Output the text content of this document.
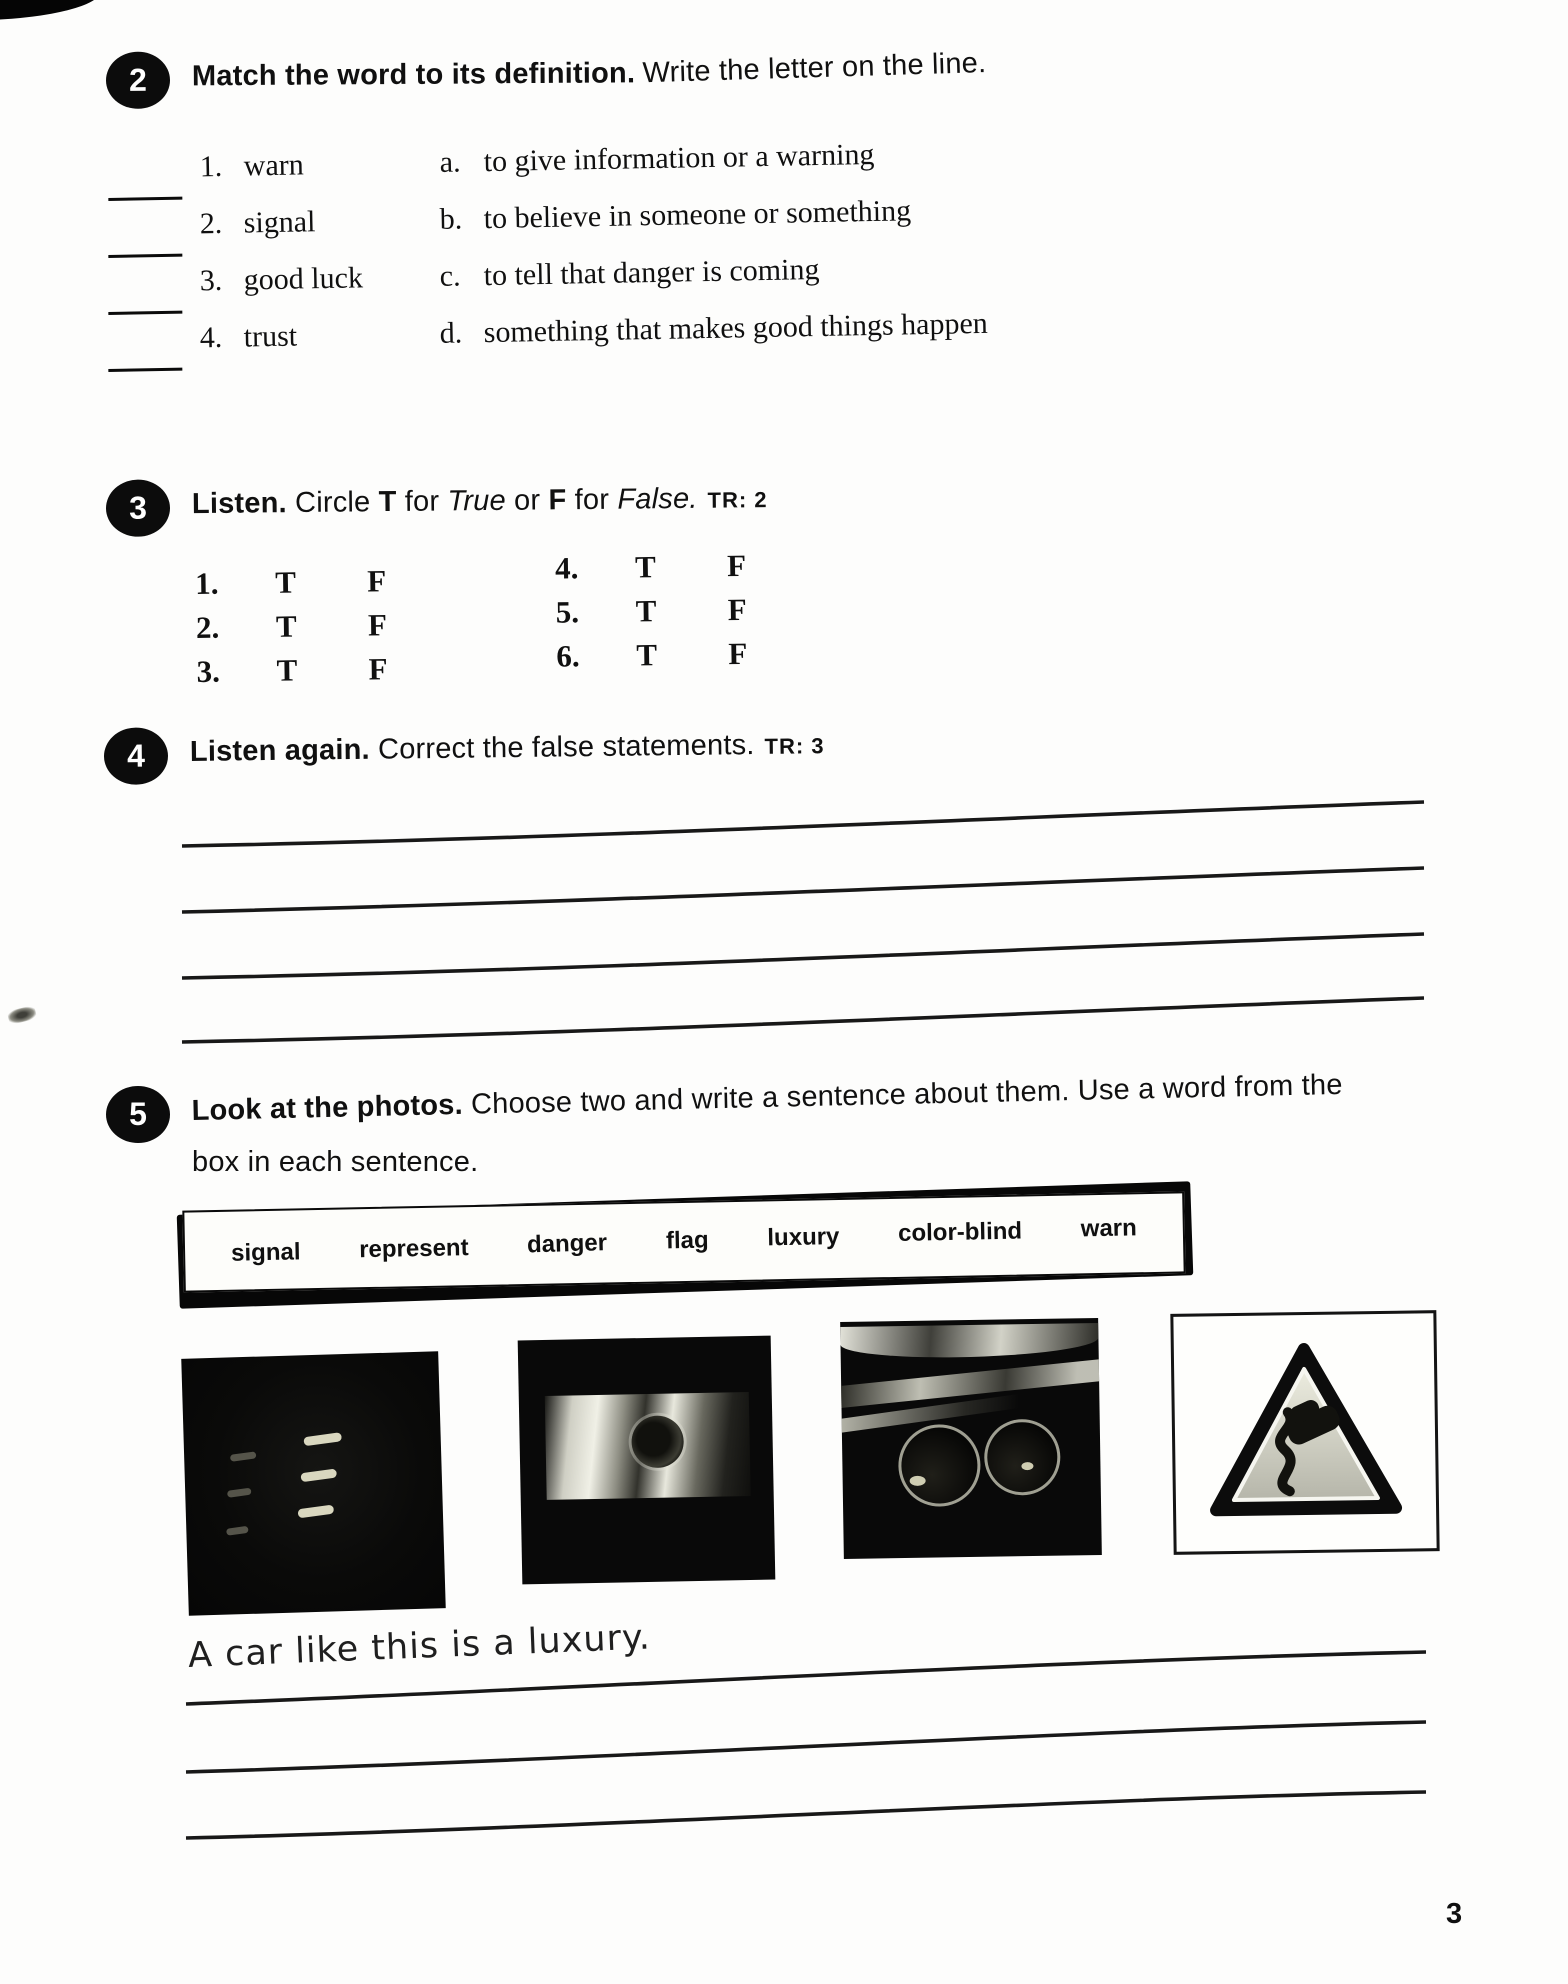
2	Match the word to its definition. Write the letter on the line.
1. warn	a. to give information or a warning
2. signal	b. to believe in someone or something
3. good luck	c. to tell that danger is coming
4. trust	d. something that makes good things happen
3	Listen. Circle T for True or F for False. TR: 2
1.	T	F
2.	T	F
3.	T	F
4.	T	F
5.	T	F
6.	T	F
4	Listen again. Correct the false statements. TR: 3
5	Look at the photos. Choose two and write a sentence about them. Use a word from the
box in each sentence.
signal represent danger flag luxury color-blind warn
A car like this is a luxury.
3
